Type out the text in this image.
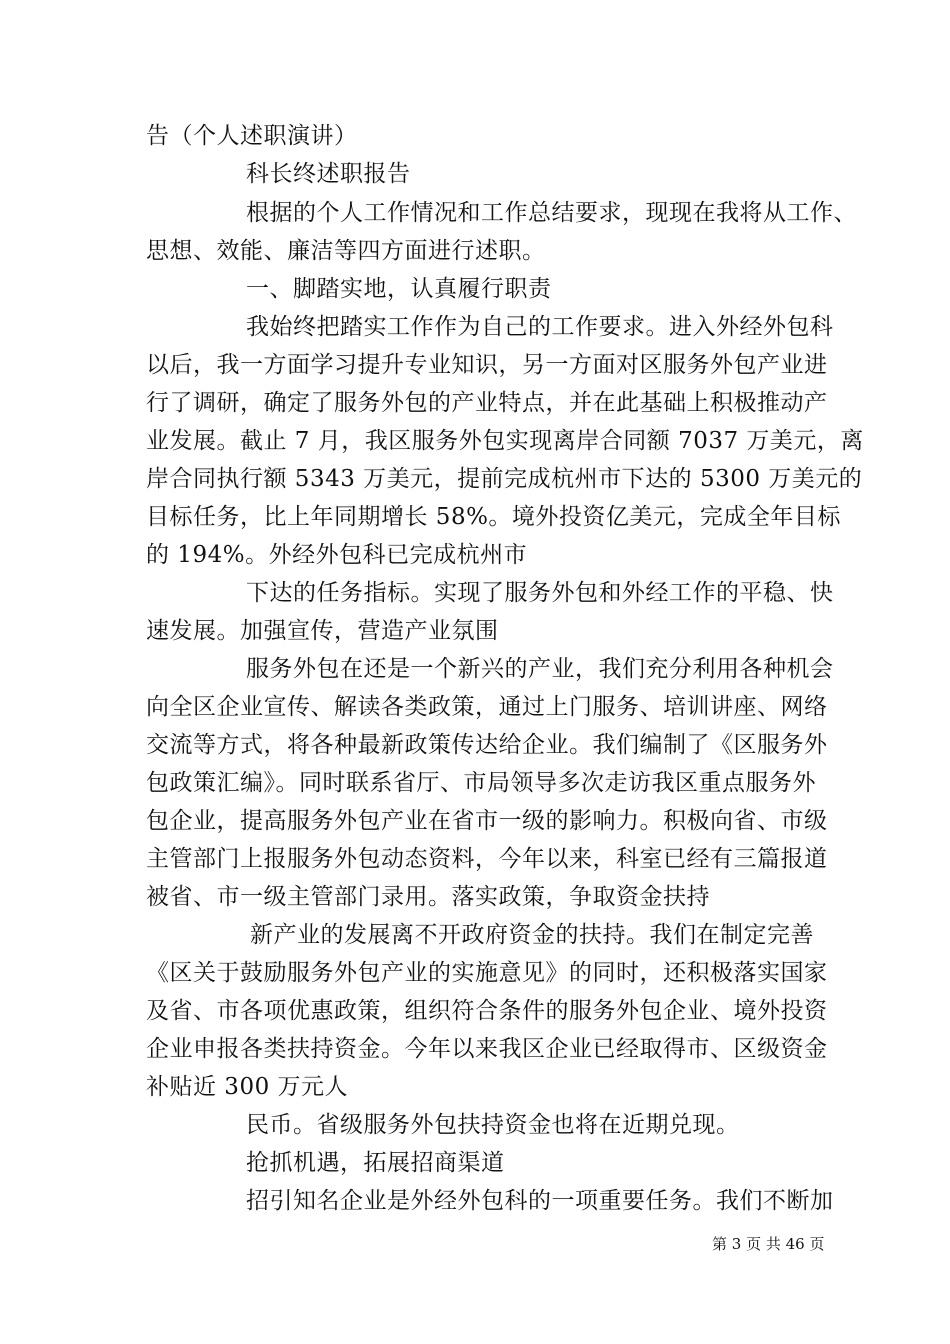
告（个人述职演讲）
科长终述职报告
根据的个人工作情况和工作总结要求，现现在我将从工作、
思想、效能、廉洁等四方面进行述职。
一、脚踏实地，认真履行职责
我始终把踏实工作作为自己的工作要求。进入外经外包科
以后，我一方面学习提升专业知识，另一方面对区服务外包产业进
行了调研，确定了服务外包的产业特点，并在此基础上积极推动产
业发展。截止 7 月，我区服务外包实现离岸合同额 7037 万美元，离
岸合同执行额 5343 万美元，提前完成杭州市下达的 5300 万美元的
目标任务，比上年同期增长 58%。境外投资亿美元，完成全年目标
的 194%。外经外包科已完成杭州市
下达的任务指标。实现了服务外包和外经工作的平稳、快
速发展。加强宣传，营造产业氛围
服务外包在还是一个新兴的产业，我们充分利用各种机会
向全区企业宣传、解读各类政策，通过上门服务、培训讲座、网络
交流等方式，将各种最新政策传达给企业。我们编制了《区服务外
包政策汇编》。同时联系省厅、市局领导多次走访我区重点服务外
包企业，提高服务外包产业在省市一级的影响力。积极向省、市级
主管部门上报服务外包动态资料，今年以来，科室已经有三篇报道
被省、市一级主管部门录用。落实政策，争取资金扶持
新产业的发展离不开政府资金的扶持。我们在制定完善
《区关于鼓励服务外包产业的实施意见》的同时，还积极落实国家
及省、市各项优惠政策，组织符合条件的服务外包企业、境外投资
企业申报各类扶持资金。今年以来我区企业已经取得市、区级资金
补贴近 300 万元人
民币。省级服务外包扶持资金也将在近期兑现。
抢抓机遇，拓展招商渠道
招引知名企业是外经外包科的一项重要任务。我们不断加
第 3 页 共 46 页
